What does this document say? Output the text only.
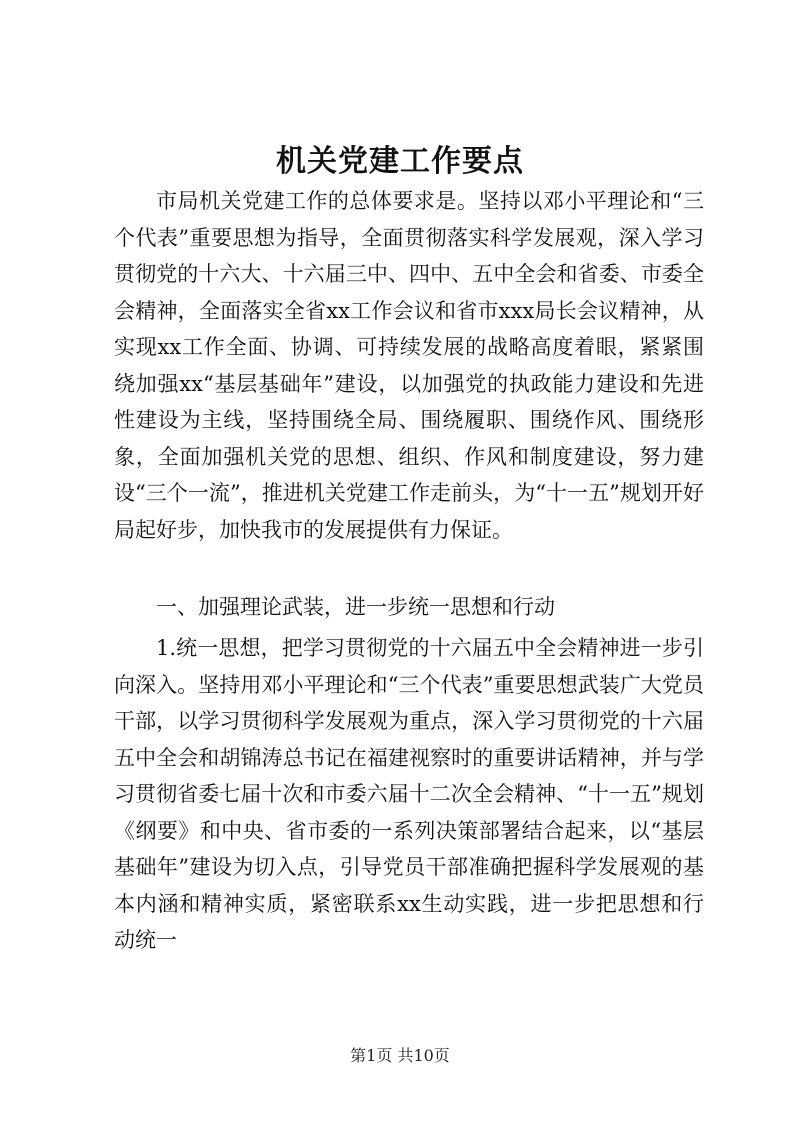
机关党建工作要点

市局机关党建工作的总体要求是。坚持以邓小平理论和“三个代表”重要思想为指导，全面贯彻落实科学发展观，深入学习贯彻党的十六大、十六届三中、四中、五中全会和省委、市委全会精神，全面落实全省xx工作会议和省市xxx局长会议精神，从实现xx工作全面、协调、可持续发展的战略高度着眼，紧紧围绕加强xx“基层基础年”建设，以加强党的执政能力建设和先进性建设为主线，坚持围绕全局、围绕履职、围绕作风、围绕形象，全面加强机关党的思想、组织、作风和制度建设，努力建设“三个一流”，推进机关党建工作走前头，为“十一五”规划开好局起好步，加快我市的发展提供有力保证。

一、加强理论武装，进一步统一思想和行动

1.统一思想，把学习贯彻党的十六届五中全会精神进一步引向深入。坚持用邓小平理论和“三个代表”重要思想武装广大党员干部，以学习贯彻科学发展观为重点，深入学习贯彻党的十六届五中全会和胡锦涛总书记在福建视察时的重要讲话精神，并与学习贯彻省委七届十次和市委六届十二次全会精神、“十一五”规划《纲要》和中央、省市委的一系列决策部署结合起来，以“基层基础年”建设为切入点，引导党员干部准确把握科学发展观的基本内涵和精神实质，紧密联系xx生动实践，进一步把思想和行动统一

第1页 共10页
